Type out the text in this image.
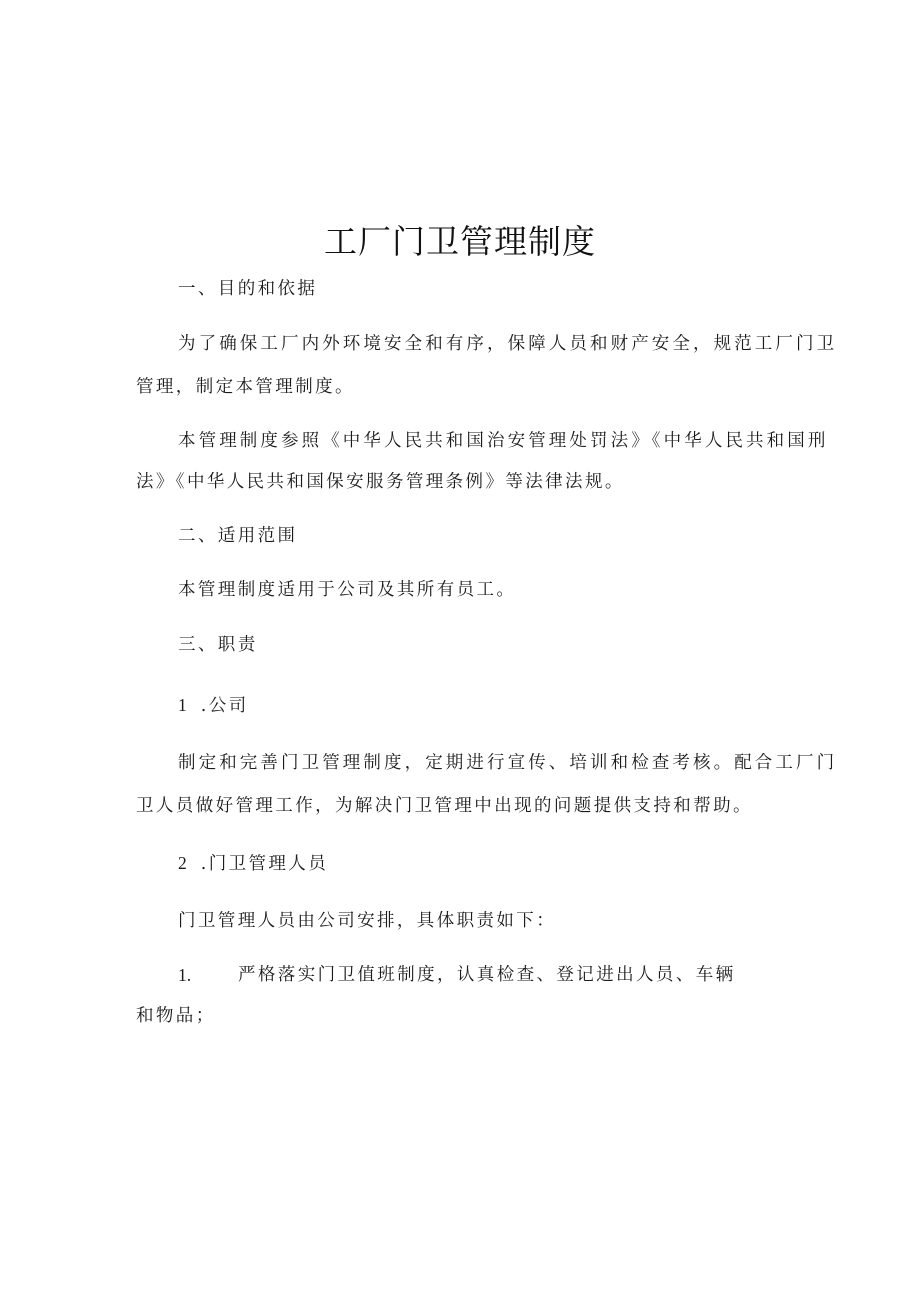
工厂门卫管理制度

一、目的和依据

为了确保工厂内外环境安全和有序，保障人员和财产安全，规范工厂门卫

管理，制定本管理制度。

本管理制度参照《中华人民共和国治安管理处罚法》《中华人民共和国刑

法》《中华人民共和国保安服务管理条例》等法律法规。

二、适用范围

本管理制度适用于公司及其所有员工。

三、职责

1 .公司

制定和完善门卫管理制度，定期进行宣传、培训和检查考核。配合工厂门

卫人员做好管理工作，为解决门卫管理中出现的问题提供支持和帮助。

2 .门卫管理人员

门卫管理人员由公司安排，具体职责如下：

1.	严格落实门卫值班制度，认真检查、登记进出人员、车辆

和物品；
